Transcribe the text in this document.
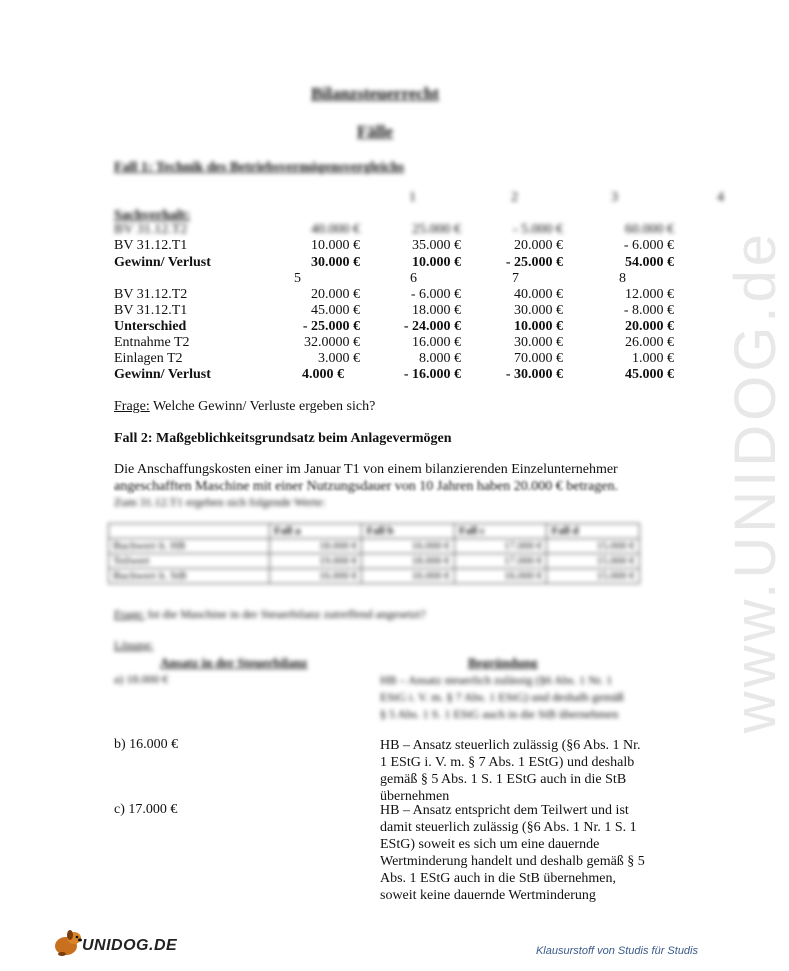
www.UNIDOG.de
Bilanzsteuerrecht
Fälle
Fall 1: Technik des Betriebsvermögensvergleichs
1	2	3	4
Sachverhalt:
BV 31.12.T2	40.000 €	25.000 €	- 5.000 €	60.000 €
BV 31.12.T1	10.000 €	35.000 €	20.000 €	- 6.000 €
Gewinn/ Verlust	30.000 €	10.000 €	- 25.000 €	54.000 €
5	6	7	8
BV 31.12.T2	20.000 €	- 6.000 €	40.000 €	12.000 €
BV 31.12.T1	45.000 €	18.000 €	30.000 €	- 8.000 €
Unterschied	- 25.000 €	- 24.000 €	10.000 €	20.000 €
Entnahme T2	32.0000 €	16.000 €	30.000 €	26.000 €
Einlagen T2	3.000 €	8.000 €	70.000 €	1.000 €
Gewinn/ Verlust	4.000 €	- 16.000 €	- 30.000 €	45.000 €
Frage: Welche Gewinn/ Verluste ergeben sich?
Fall 2: Maßgeblichkeitsgrundsatz beim Anlagevermögen
Die Anschaffungskosten einer im Januar T1 von einem bilanzierenden Einzelunternehmer
angeschafften Maschine mit einer Nutzungsdauer von 10 Jahren haben 20.000 € betragen.
Zum 31.12.T1 ergeben sich folgende Werte:
	Fall a	Fall b	Fall c	Fall d
Buchwert lt. HB	18.000 €	16.000 €	17.000 €	15.000 €
Teilwert	19.000 €	18.000 €	17.000 €	15.000 €
Buchwert lt. StB	16.000 €	16.000 €	16.000 €	15.000 €
Frage: Ist die Maschine in der Steuerbilanz zutreffend angesetzt?
Lösung:
Ansatz in der Steuerbilanz	Begründung
a) 18.000 €	HB – Ansatz steuerlich zulässig (§6 Abs. 1 Nr. 1 EStG i. V. m. § 7 Abs. 1 EStG) und deshalb gemäß § 5 Abs. 1 S. 1 EStG auch in die StB übernehmen
b) 16.000 €	HB – Ansatz steuerlich zulässig (§6 Abs. 1 Nr. 1 EStG i. V. m. § 7 Abs. 1 EStG) und deshalb gemäß § 5 Abs. 1 S. 1 EStG auch in die StB übernehmen
c) 17.000 €	HB – Ansatz entspricht dem Teilwert und ist damit steuerlich zulässig (§6 Abs. 1 Nr. 1 S. 1 EStG) soweit es sich um eine dauernde Wertminderung handelt und deshalb gemäß § 5 Abs. 1 EStG auch in die StB übernehmen, soweit keine dauernde Wertminderung
UNIDOG.DE	Klausurstoff von Studis für Studis
